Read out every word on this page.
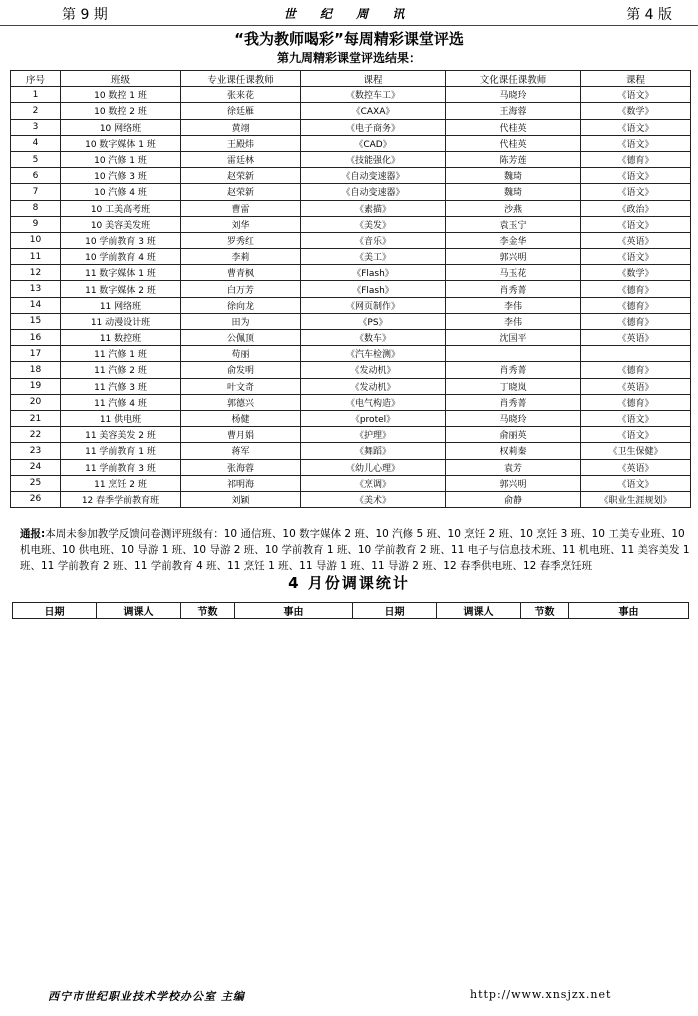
第 9 期	世 纪 周 讯	第 4 版
“我为教师喝彩”每周精彩课堂评选
第九周精彩课堂评选结果：
序号	班级	专业课任课教师	课程	文化课任课教师	课程
1	10 数控 1 班	张来花	《数控车工》	马晓玲	《语文》
2	10 数控 2 班	徐廷雁	《CAXA》	王海蓉	《数学》
3	10 网络班	黄翊	《电子商务》	代桂英	《语文》
4	10 数字媒体 1 班	王殿炜	《CAD》	代桂英	《语文》
5	10 汽修 1 班	雷廷林	《技能强化》	陈芳莲	《德育》
6	10 汽修 3 班	赵荣新	《自动变速器》	魏琦	《语文》
7	10 汽修 4 班	赵荣新	《自动变速器》	魏琦	《语文》
8	10 工美高考班	曹雷	《素描》	沙燕	《政治》
9	10 美容美发班	刘华	《美发》	袁玉宁	《语文》
10	10 学前教育 3 班	罗秀红	《音乐》	李金华	《英语》
11	10 学前教育 4 班	李莉	《美工》	郭兴明	《语文》
12	11 数字媒体 1 班	曹青枫	《Flash》	马玉花	《数学》
13	11 数字媒体 2 班	白万芳	《Flash》	肖秀菁	《德育》
14	11 网络班	徐向龙	《网页制作》	李伟	《德育》
15	11 动漫设计班	田为	《PS》	李伟	《德育》
16	11 数控班	公佩顶	《数车》	沈国平	《英语》
17	11 汽修 1 班	苟丽	《汽车检测》		
18	11 汽修 2 班	俞发明	《发动机》	肖秀菁	《德育》
19	11 汽修 3 班	叶文奇	《发动机》	丁晓岚	《英语》
20	11 汽修 4 班	郭德兴	《电气构造》	肖秀菁	《德育》
21	11 供电班	杨健	《protel》	马晓玲	《语文》
22	11 美容美发 2 班	曹月娟	《护理》	俞丽英	《语文》
23	11 学前教育 1 班	蒋军	《舞蹈》	权莉秦	《卫生保健》
24	11 学前教育 3 班	张海蓉	《幼儿心理》	袁芳	《英语》
25	11 烹饪 2 班	祁明海	《烹调》	郭兴明	《语文》
26	12 春季学前教育班	刘颖	《美术》	俞静	《职业生涯规划》
通报:本周未参加教学反馈问卷测评班级有：10 通信班、10 数字媒体 2 班、10 汽修 5 班、10 烹饪 2 班、10 烹饪 3 班、10 工美专业班、10 机电班、10 供电班、10 导游 1 班、10 导游 2 班、10 学前教育 1 班、10 学前教育 2 班、11 电子与信息技术班、11 机电班、11 美容美发 1 班、11 学前教育 2 班、11 学前教育 4 班、11 烹饪 1 班、11 导游 1 班、11 导游 2 班、12 春季供电班、12 春季烹饪班
4 月份调课统计
日期	调课人	节数	事由	日期	调课人	节数	事由
西宁市世纪职业技术学校办公室 主编	http://www.xnsjzx.net
